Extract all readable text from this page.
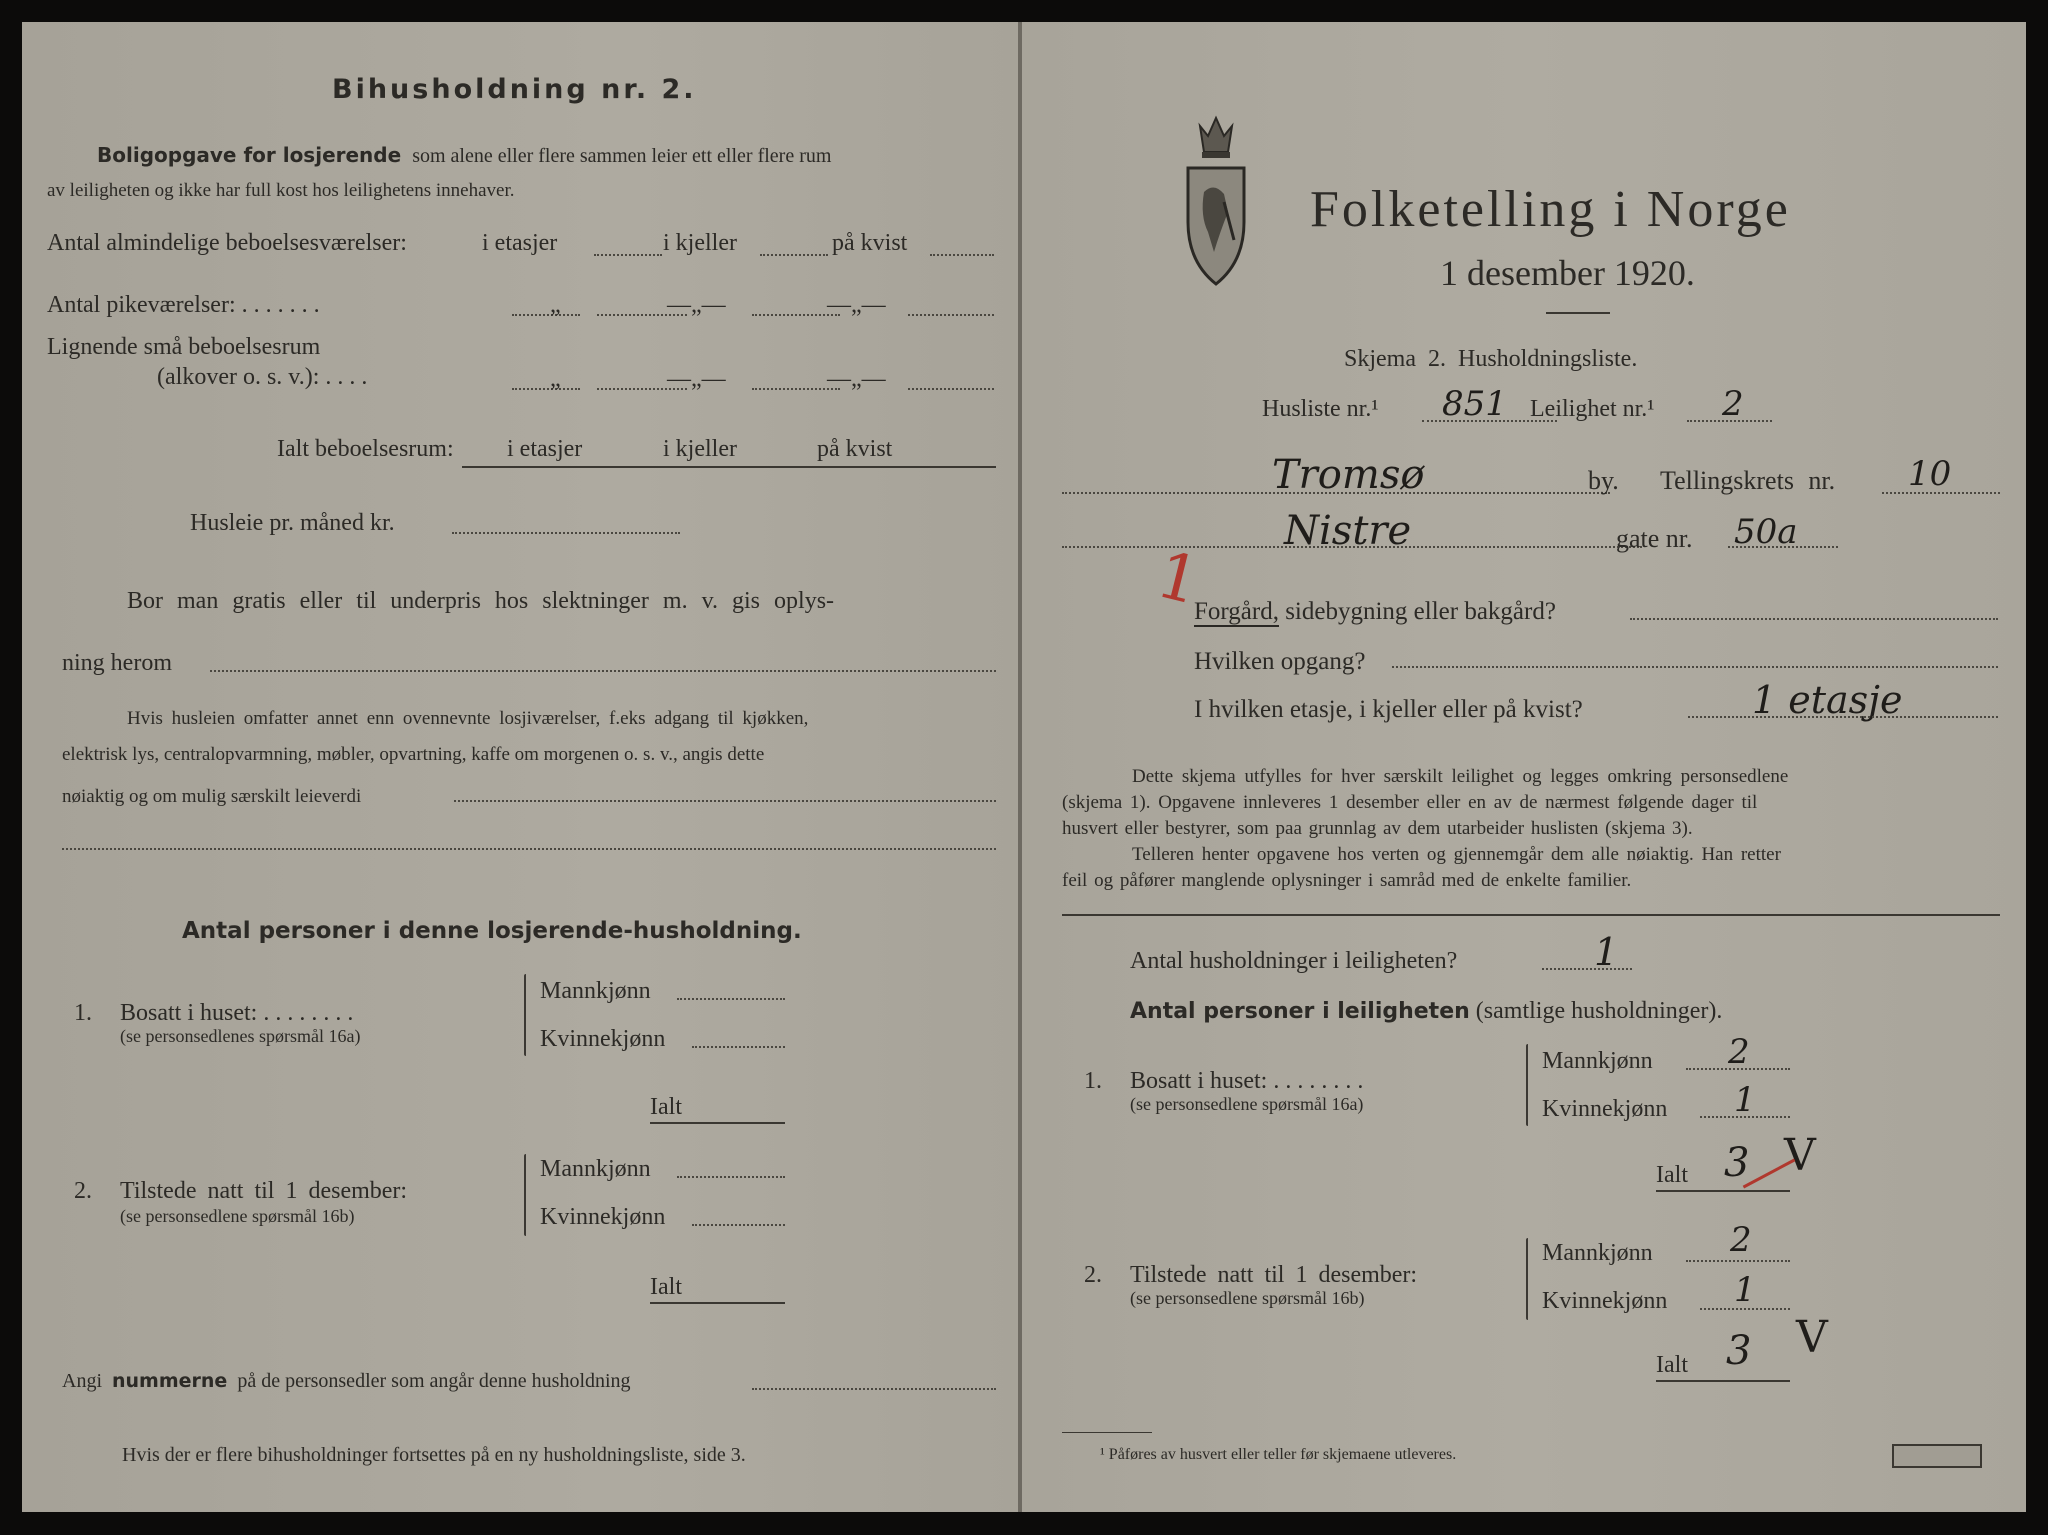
Bihusholdning nr. 2.
Boligopgave for losjerende som alene eller flere sammen leier ett eller flere rum
av leiligheten og ikke har full kost hos leilighetens innehaver.
Antal almindelige beboelsesværelser:	i etasjer	i kjeller	på kvist
Antal pikeværelser: . . . . . . .	„	—„—	—„—
Lignende små beboelsesrum
(alkover o. s. v.): . . . .	„	—„—	—„—
Ialt beboelsesrum: i etasjer	i kjeller	på kvist
Husleie pr. måned kr.
Bor man gratis eller til underpris hos slektninger m. v. gis oplys-
ning herom
Hvis husleien omfatter annet enn ovennevnte losjiværelser, f.eks adgang til kjøkken,
elektrisk lys, centralopvarmning, møbler, opvartning, kaffe om morgenen o. s. v., angis dette
nøiaktig og om mulig særskilt leieverdi
Antal personer i denne losjerende-husholdning.
1. Bosatt i huset: . . . . . . . .
(se personsedlenes spørsmål 16a)
Mannkjønn
Kvinnekjønn
Ialt
2. Tilstede natt til 1 desember:
(se personsedlene spørsmål 16b)
Mannkjønn
Kvinnekjønn
Ialt
Angi nummerne på de personsedler som angår denne husholdning
Hvis der er flere bihusholdninger fortsettes på en ny husholdningsliste, side 3.
Folketelling i Norge
1 desember 1920.
Skjema 2. Husholdningsliste.
Husliste nr.¹ 851 Leilighet nr.¹ 2
Tromsø	by. Tellingskrets nr. 10
Nistre	gate nr. 50a
1
Forgård, sidebygning eller bakgård?
Hvilken opgang?
I hvilken etasje, i kjeller eller på kvist?	1 etasje
Dette skjema utfylles for hver særskilt leilighet og legges omkring personsedlene
(skjema 1). Opgavene innleveres 1 desember eller en av de nærmest følgende dager til
husvert eller bestyrer, som paa grunnlag av dem utarbeider huslisten (skjema 3).
Telleren henter opgavene hos verten og gjennemgår dem alle nøiaktig. Han retter
feil og påfører manglende oplysninger i samråd med de enkelte familier.
Antal husholdninger i leiligheten?	1
Antal personer i leiligheten (samtlige husholdninger).
1. Bosatt i huset: . . . . . . . .
(se personsedlene spørsmål 16a)
Mannkjønn 2
Kvinnekjønn 1
Ialt 3 V
2. Tilstede natt til 1 desember:
(se personsedlene spørsmål 16b)
Mannkjønn 2
Kvinnekjønn 1
Ialt 3 V
¹ Påføres av husvert eller teller før skjemaene utleveres.
